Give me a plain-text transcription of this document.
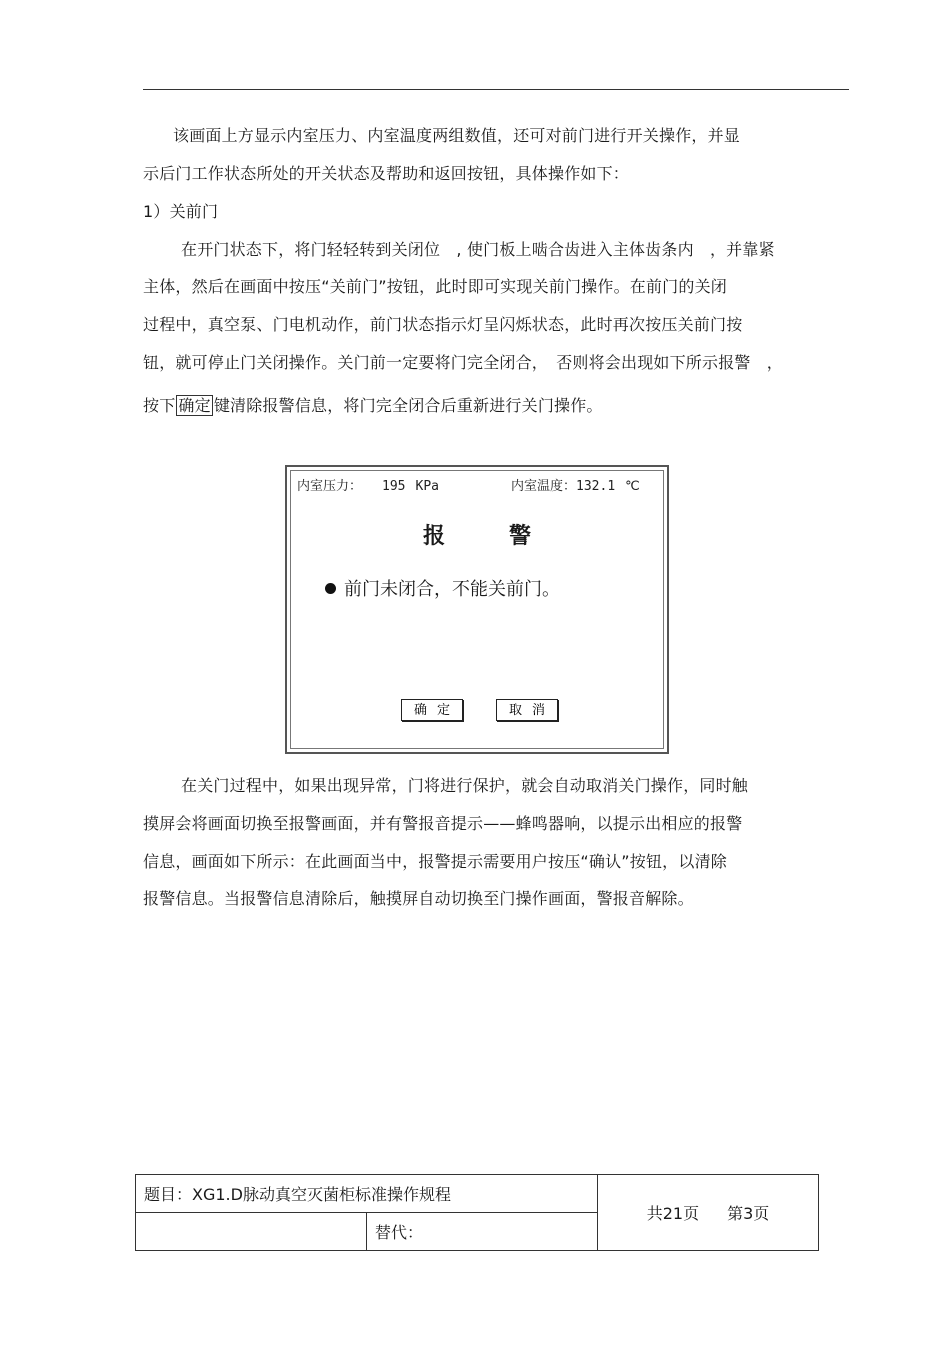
该画面上方显示内室压力、内室温度两组数值，还可对前门进行开关操作，并显
示后门工作状态所处的开关状态及帮助和返回按钮，具体操作如下：
1）关前门
在开门状态下，将门轻轻转到关闭位　, 使门板上啮合齿进入主体齿条内　，并靠紧
主体，然后在画面中按压“关前门”按钮，此时即可实现关前门操作。在前门的关闭
过程中，真空泵、门电机动作，前门状态指示灯呈闪烁状态，此时再次按压关前门按
钮，就可停止门关闭操作。关门前一定要将门完全闭合，　否则将会出现如下所示报警　，
按下 确定 键清除报警信息，将门完全闭合后重新进行关门操作。
内室压力： 195 KPa	内室温度：132.1 ℃
报警
前门未闭合，不能关前门。
确定	取消
在关门过程中，如果出现异常，门将进行保护，就会自动取消关门操作，同时触
摸屏会将画面切换至报警画面，并有警报音提示——蜂鸣器响，以提示出相应的报警
信息，画面如下所示：在此画面当中，报警提示需要用户按压“确认”按钮，以清除
报警信息。当报警信息清除后，触摸屏自动切换至门操作画面，警报音解除。
题目：XG1.D脉动真空灭菌柜标准操作规程		共21页 第3页
	替代：	
